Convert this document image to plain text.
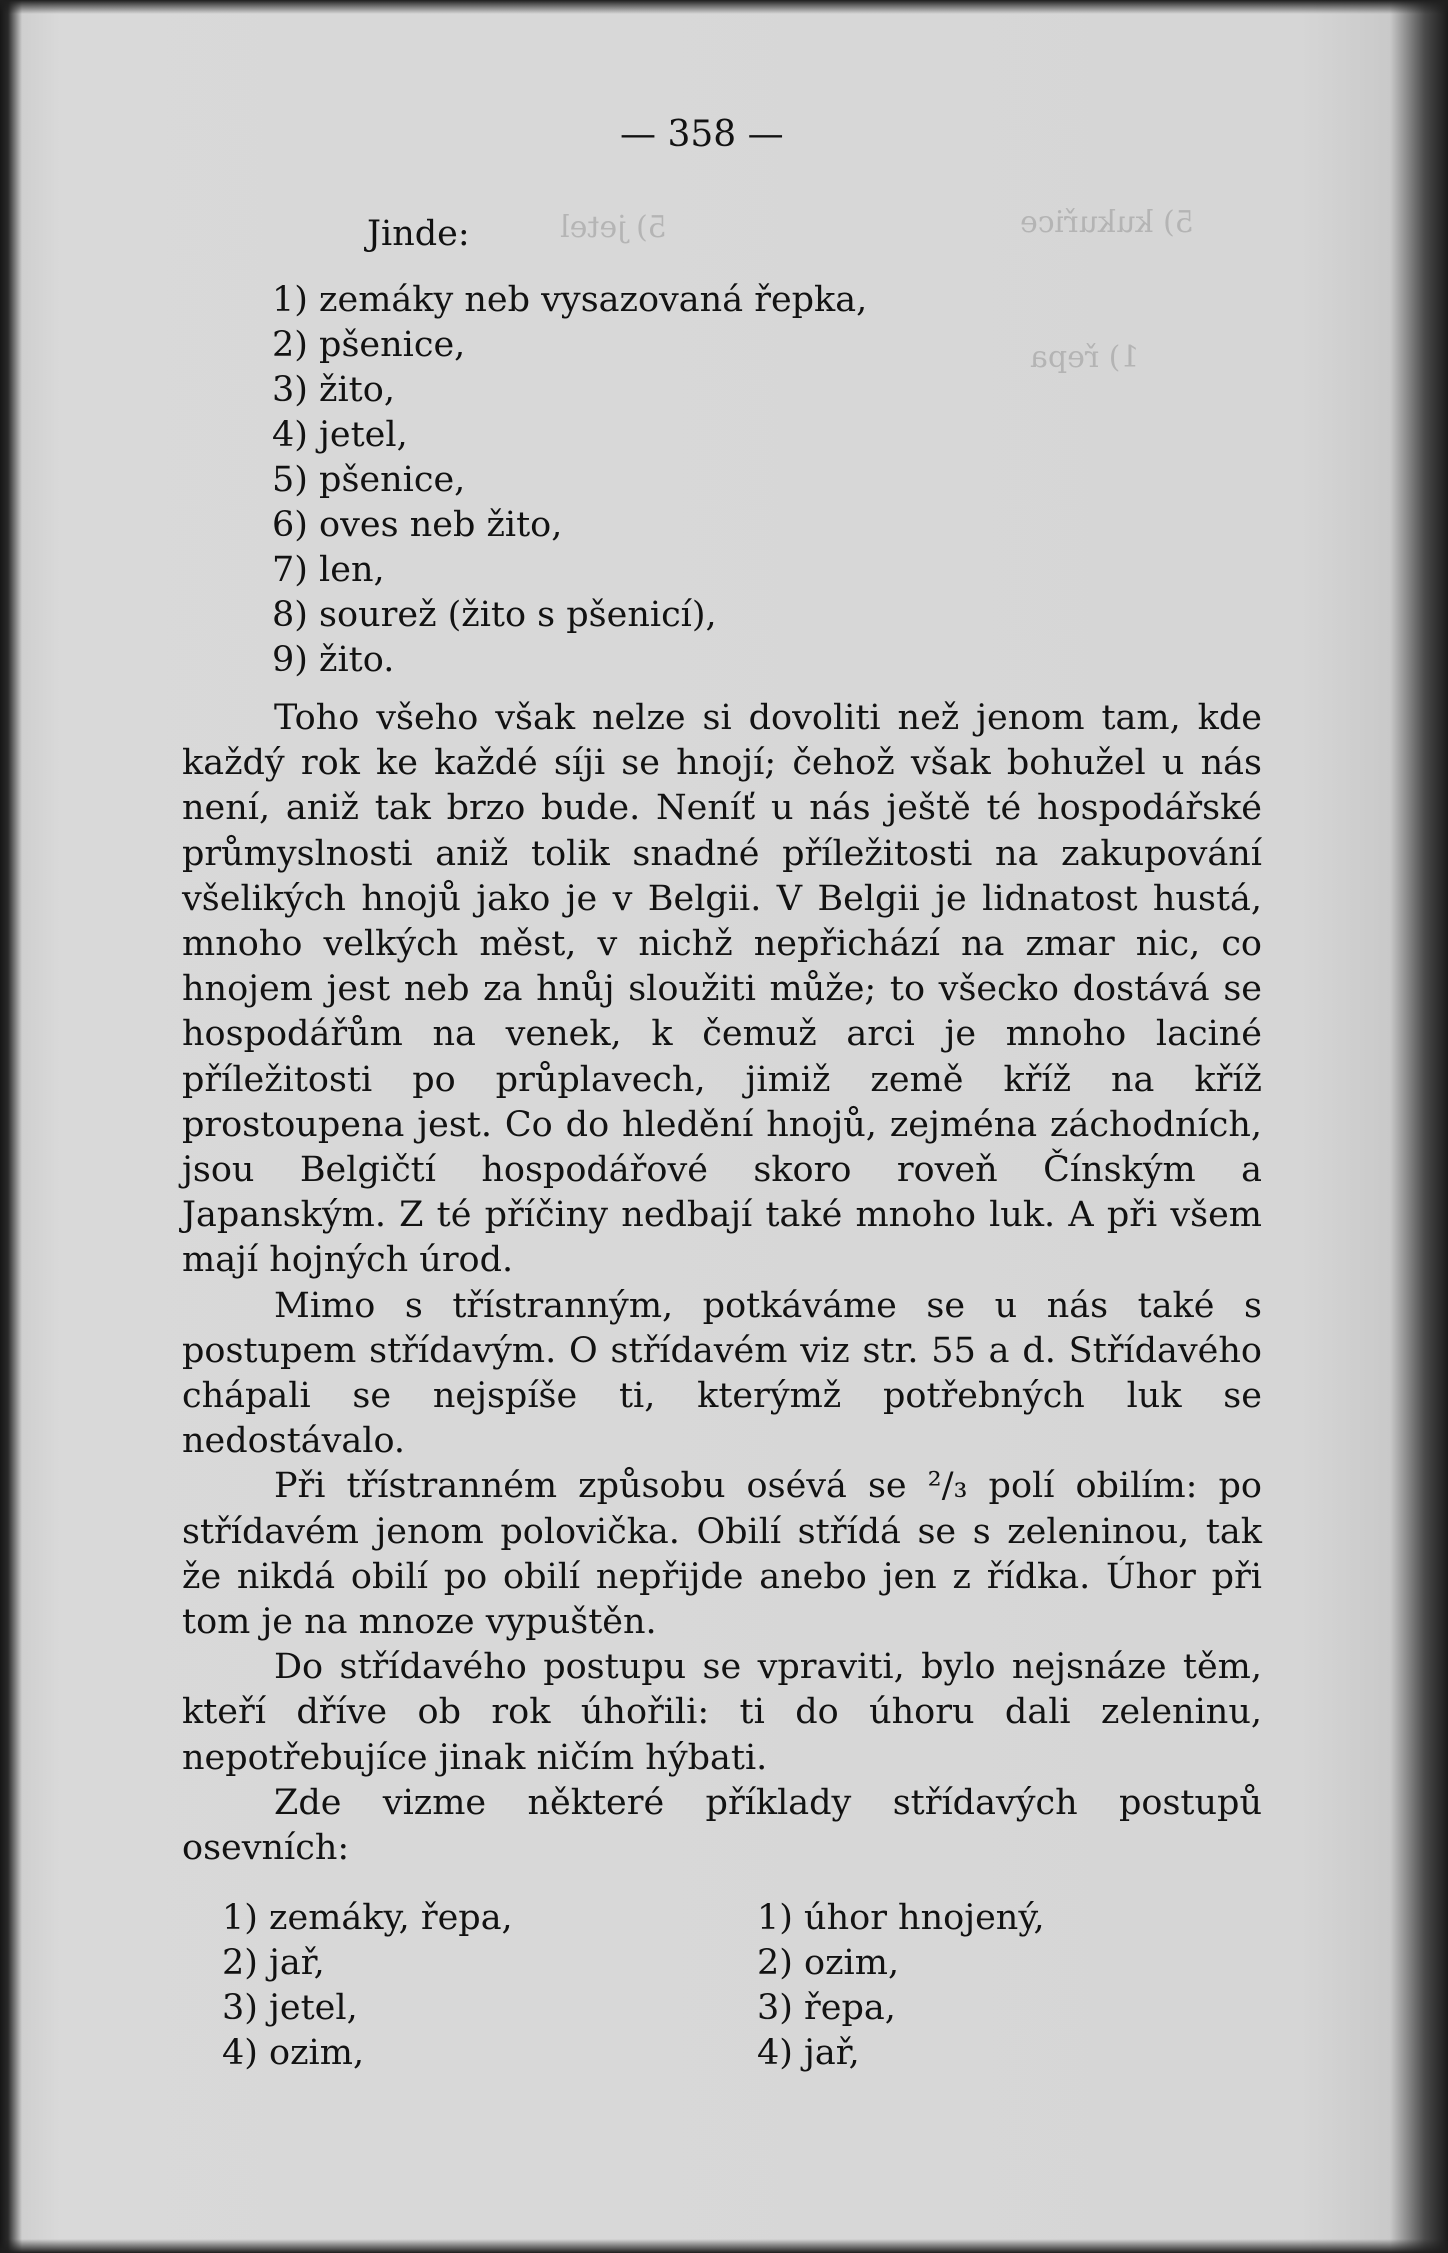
5) kukuřice
1) řepa
5) jetel
— 358 —
Jinde:
1) zemáky neb vysazovaná řepka,
2) pšenice,
3) žito,
4) jetel,
5) pšenice,
6) oves neb žito,
7) len,
8) sourež (žito s pšenicí),
9) žito.

Toho všeho však nelze si dovoliti než jenom tam, kde každý rok ke každé síji se hnojí; čehož však bohužel u nás není, aniž tak brzo bude. Neníť u nás ještě té hospodářské průmyslnosti aniž tolik snadné příležitosti na zakupování všelikých hnojů jako je v Belgii. V Belgii je lidnatost hustá, mnoho velkých měst, v nichž nepřichází na zmar nic, co hnojem jest neb za hnůj sloužiti může; to všecko dostává se hospodářům na venek, k čemuž arci je mnoho laciné příležitosti po průplavech, jimiž země kříž na kříž prostoupena jest. Co do hledění hnojů, zejména záchodních, jsou Belgičtí hospodářové skoro roveň Čínským a Japanským. Z té příčiny nedbají také mnoho luk. A při všem mají hojných úrod.

Mimo s třístranným, potkáváme se u nás také s postupem střídavým. O střídavém viz str. 55 a d. Střídavého chápali se nejspíše ti, kterýmž potřebných luk se nedostávalo.

Při třístranném způsobu osévá se ²/₃ polí obilím: po střídavém jenom polovička. Obilí střídá se s zeleninou, tak že nikdá obilí po obilí nepřijde anebo jen z řídka. Úhor při tom je na mnoze vypuštěn.

Do střídavého postupu se vpraviti, bylo nejsnáze těm, kteří dříve ob rok úhořili: ti do úhoru dali zeleninu, nepotřebujíce jinak ničím hýbati.

Zde vizme některé příklady střídavých postupů osevních:

1) zemáky, řepa,
2) jař,
3) jetel,
4) ozim,
1) úhor hnojený,
2) ozim,
3) řepa,
4) jař,
